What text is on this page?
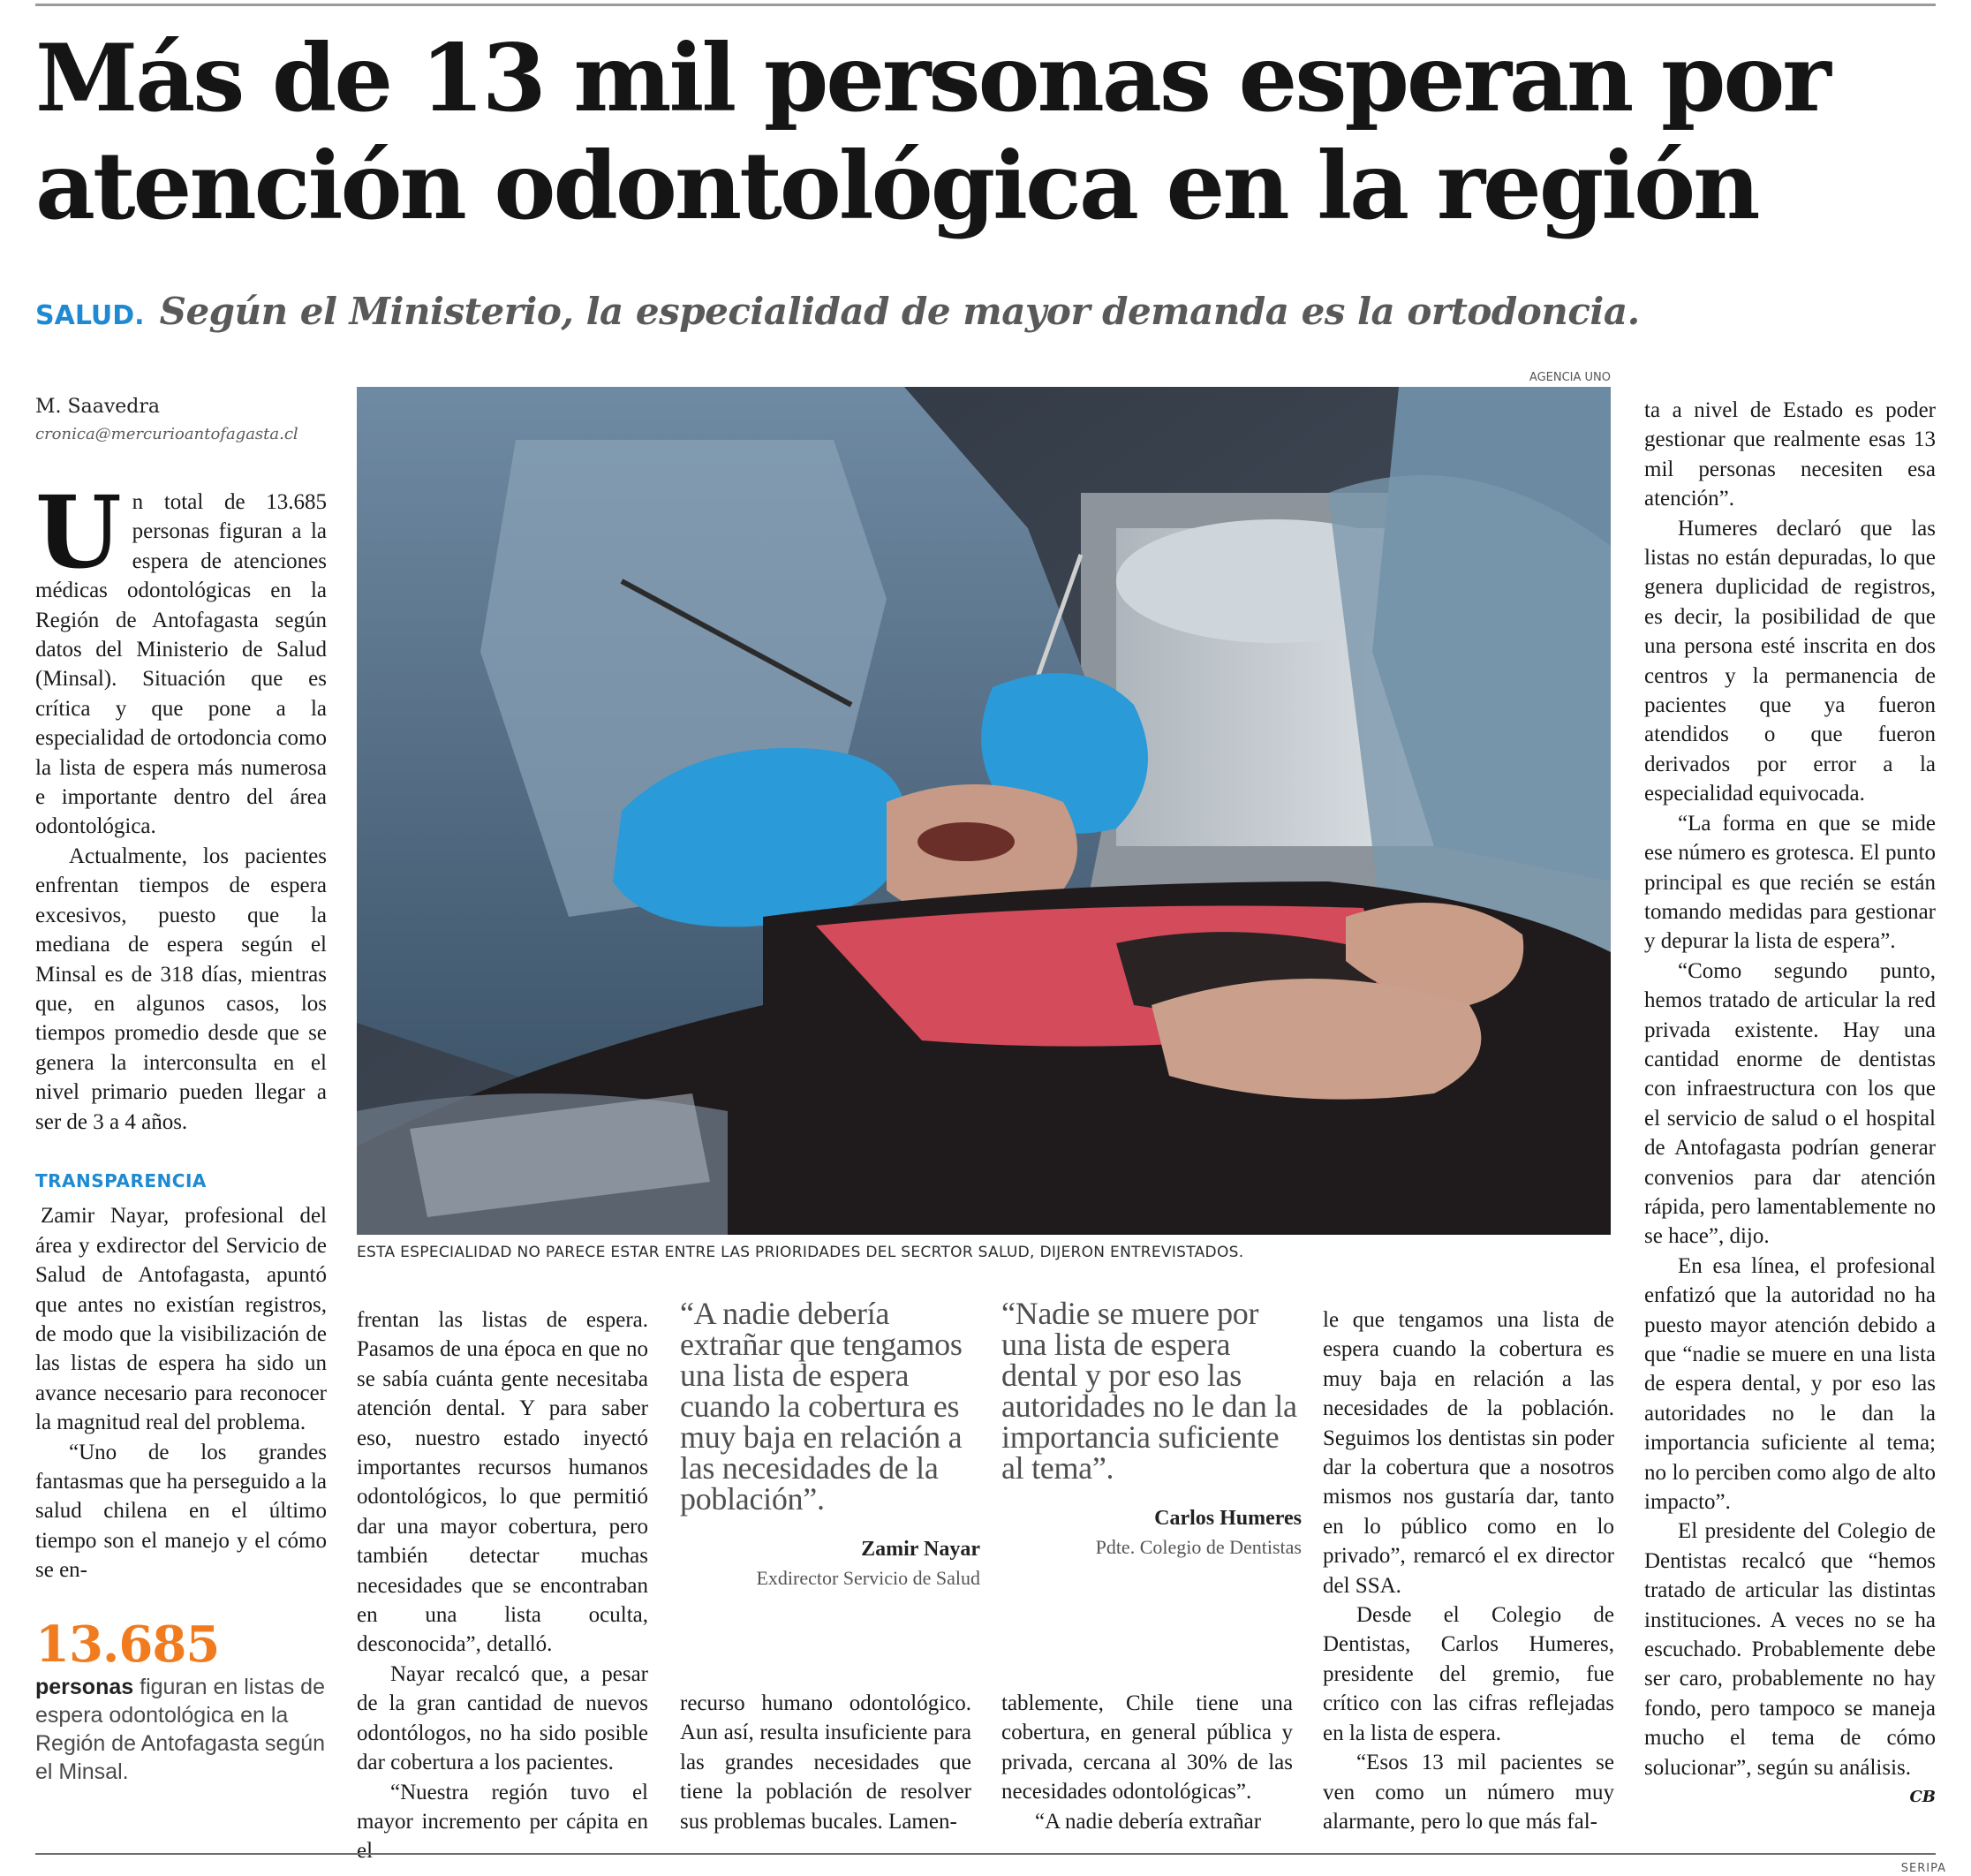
Más de 13 mil personas esperan por atención odontológica en la región
SALUD. Según el Ministerio, la especialidad de mayor demanda es la ortodoncia.
M. Saavedra
cronica@mercurioantofagasta.cl

Un total de 13.685 personas figuran a la espera de atenciones médicas odontológicas en la Región de Antofagasta según datos del Ministerio de Salud (Minsal). Situación que es crítica y que pone a la especialidad de ortodoncia como la lista de espera más numerosa e importante dentro del área odontológica.

Actualmente, los pacientes enfrentan tiempos de espera excesivos, puesto que la mediana de espera según el Minsal es de 318 días, mientras que, en algunos casos, los tiempos promedio desde que se genera la interconsulta en el nivel primario pueden llegar a ser de 3 a 4 años.

TRANSPARENCIA

Zamir Nayar, profesional del área y exdirector del Servicio de Salud de Antofagasta, apuntó que antes no existían registros, de modo que la visibilización de las listas de espera ha sido un avance necesario para reconocer la magnitud real del problema.

“Uno de los grandes fantasmas que ha perseguido a la salud chilena en el último tiempo son el manejo y el cómo se en-

13.685
personas figuran en listas de espera odontológica en la Región de Antofagasta según el Minsal.
AGENCIA UNO
ESTA ESPECIALIDAD NO PARECE ESTAR ENTRE LAS PRIORIDADES DEL SECRTOR SALUD, DIJERON ENTREVISTADOS.

frentan las listas de espera. Pasamos de una época en que no se sabía cuánta gente necesitaba atención dental. Y para saber eso, nuestro estado inyectó importantes recursos humanos odontológicos, lo que permitió dar una mayor cobertura, pero también detectar muchas necesidades que se encontraban en una lista oculta, desconocida”, detalló.

Nayar recalcó que, a pesar de la gran cantidad de nuevos odontólogos, no ha sido posible dar cobertura a los pacientes.

“Nuestra región tuvo el mayor incremento per cápita en el

“A nadie debería extrañar que tengamos una lista de espera cuando la cobertura es muy baja en relación a las necesidades de la población”.
Zamir Nayar
Exdirector Servicio de Salud

recurso humano odontológico. Aun así, resulta insuficiente para las grandes necesidades que tiene la población de resolver sus problemas bucales. Lamen-

“Nadie se muere por una lista de espera dental y por eso las autoridades no le dan la importancia suficiente al tema”.
Carlos Humeres
Pdte. Colegio de Dentistas

tablemente, Chile tiene una cobertura, en general pública y privada, cercana al 30% de las necesidades odontológicas”.

“A nadie debería extrañar

le que tengamos una lista de espera cuando la cobertura es muy baja en relación a las necesidades de la población. Seguimos los dentistas sin poder dar la cobertura que a nosotros mismos nos gustaría dar, tanto en lo público como en lo privado”, remarcó el ex director del SSA.

Desde el Colegio de Dentistas, Carlos Humeres, presidente del gremio, fue crítico con las cifras reflejadas en la lista de espera.

“Esos 13 mil pacientes se ven como un número muy alarmante, pero lo que más fal-

ta a nivel de Estado es poder gestionar que realmente esas 13 mil personas necesiten esa atención”.

Humeres declaró que las listas no están depuradas, lo que genera duplicidad de registros, es decir, la posibilidad de que una persona esté inscrita en dos centros y la permanencia de pacientes que ya fueron atendidos o que fueron derivados por error a la especialidad equivocada.

“La forma en que se mide ese número es grotesca. El punto principal es que recién se están tomando medidas para gestionar y depurar la lista de espera”.

“Como segundo punto, hemos tratado de articular la red privada existente. Hay una cantidad enorme de dentistas con infraestructura con los que el servicio de salud o el hospital de Antofagasta podrían generar convenios para dar atención rápida, pero lamentablemente no se hace”, dijo.

En esa línea, el profesional enfatizó que la autoridad no ha puesto mayor atención debido a que “nadie se muere en una lista de espera dental, y por eso las autoridades no le dan la importancia suficiente al tema; no lo perciben como algo de alto impacto”.

El presidente del Colegio de Dentistas recalcó que “hemos tratado de articular las distintas instituciones. A veces no se ha escuchado. Probablemente debe ser caro, probablemente no hay fondo, pero tampoco se maneja mucho el tema de cómo solucionar”, según su análisis.
CB

SERIPA
